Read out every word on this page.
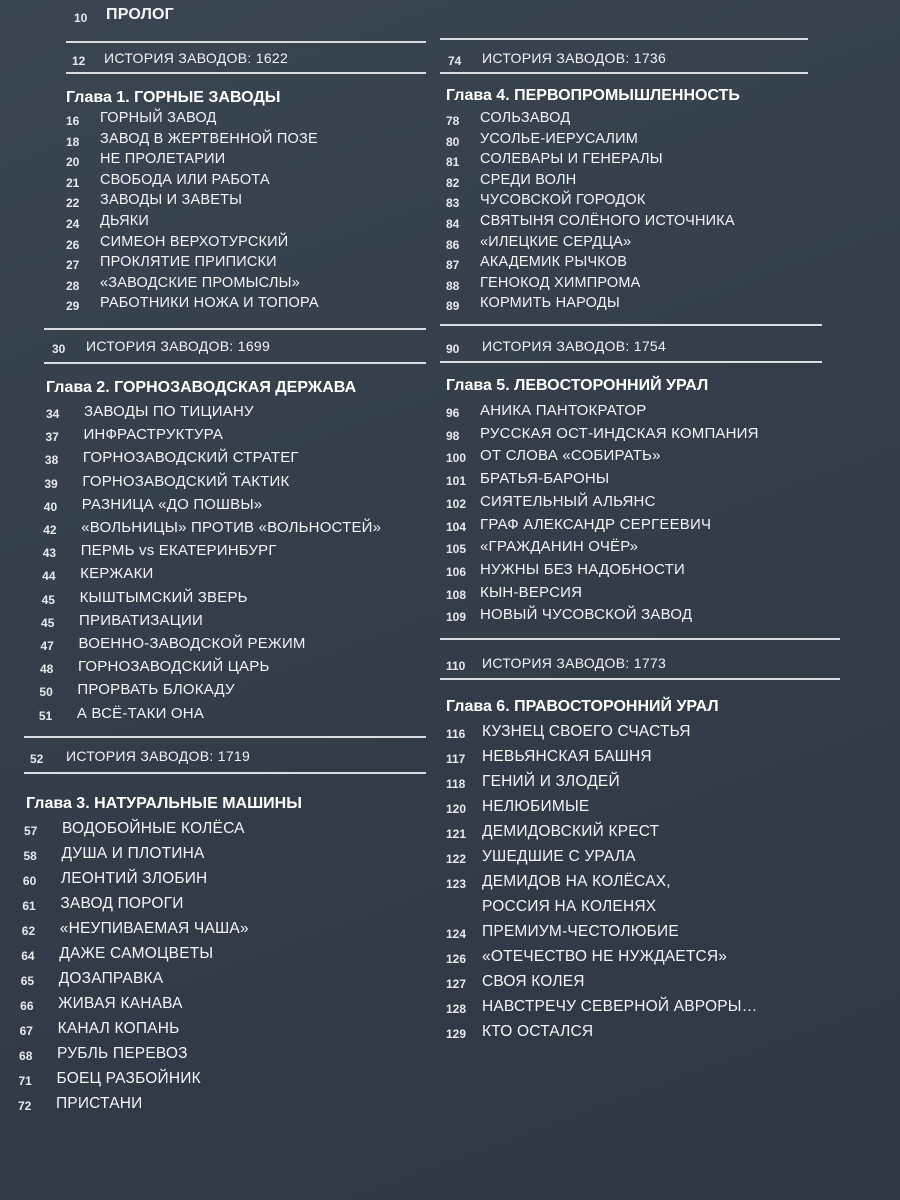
10 ПРОЛОГ
12 ИСТОРИЯ ЗАВОДОВ: 1622
Глава 1. ГОРНЫЕ ЗАВОДЫ
16 ГОРНЫЙ ЗАВОД
18 ЗАВОД В ЖЕРТВЕННОЙ ПОЗЕ
20 НЕ ПРОЛЕТАРИИ
21 СВОБОДА ИЛИ РАБОТА
22 ЗАВОДЫ И ЗАВЕТЫ
24 ДЬЯКИ
26 СИМЕОН ВЕРХОТУРСКИЙ
27 ПРОКЛЯТИЕ ПРИПИСКИ
28 «ЗАВОДСКИЕ ПРОМЫСЛЫ»
29 РАБОТНИКИ НОЖА И ТОПОРА
30 ИСТОРИЯ ЗАВОДОВ: 1699
Глава 2. ГОРНОЗАВОДСКАЯ ДЕРЖАВА
34 ЗАВОДЫ ПО ТИЦИАНУ
37 ИНФРАСТРУКТУРА
38 ГОРНОЗАВОДСКИЙ СТРАТЕГ
39 ГОРНОЗАВОДСКИЙ ТАКТИК
40 РАЗНИЦА «ДО ПОШВЫ»
42 «ВОЛЬНИЦЫ» ПРОТИВ «ВОЛЬНОСТЕЙ»
43 ПЕРМЬ vs ЕКАТЕРИНБУРГ
44 КЕРЖАКИ
45 КЫШТЫМСКИЙ ЗВЕРЬ
45 ПРИВАТИЗАЦИИ
47 ВОЕННО-ЗАВОДСКОЙ РЕЖИМ
48 ГОРНОЗАВОДСКИЙ ЦАРЬ
50 ПРОРВАТЬ БЛОКАДУ
51 А ВСЁ-ТАКИ ОНА
52 ИСТОРИЯ ЗАВОДОВ: 1719
Глава 3. НАТУРАЛЬНЫЕ МАШИНЫ
57 ВОДОБОЙНЫЕ КОЛЁСА
58 ДУША И ПЛОТИНА
60 ЛЕОНТИЙ ЗЛОБИН
61 ЗАВОД ПОРОГИ
62 «НЕУПИВАЕМАЯ ЧАША»
64 ДАЖЕ САМОЦВЕТЫ
65 ДОЗАПРАВКА
66 ЖИВАЯ КАНАВА
67 КАНАЛ КОПАНЬ
68 РУБЛЬ ПЕРЕВОЗ
71 БОЕЦ РАЗБОЙНИК
72 ПРИСТАНИ
74 ИСТОРИЯ ЗАВОДОВ: 1736
Глава 4. ПЕРВОПРОМЫШЛЕННОСТЬ
78 СОЛЬЗАВОД
80 УСОЛЬЕ-ИЕРУСАЛИМ
81 СОЛЕВАРЫ И ГЕНЕРАЛЫ
82 СРЕДИ ВОЛН
83 ЧУСОВСКОЙ ГОРОДОК
84 СВЯТЫНЯ СОЛЁНОГО ИСТОЧНИКА
86 «ИЛЕЦКИЕ СЕРДЦА»
87 АКАДЕМИК РЫЧКОВ
88 ГЕНОКОД ХИМПРОМА
89 КОРМИТЬ НАРОДЫ
90 ИСТОРИЯ ЗАВОДОВ: 1754
Глава 5. ЛЕВОСТОРОННИЙ УРАЛ
96 АНИКА ПАНТОКРАТОР
98 РУССКАЯ ОСТ-ИНДСКАЯ КОМПАНИЯ
100 ОТ СЛОВА «СОБИРАТЬ»
101 БРАТЬЯ-БАРОНЫ
102 СИЯТЕЛЬНЫЙ АЛЬЯНС
104 ГРАФ АЛЕКСАНДР СЕРГЕЕВИЧ
105 «ГРАЖДАНИН ОЧЁР»
106 НУЖНЫ БЕЗ НАДОБНОСТИ
108 КЫН-ВЕРСИЯ
109 НОВЫЙ ЧУСОВСКОЙ ЗАВОД
110 ИСТОРИЯ ЗАВОДОВ: 1773
Глава 6. ПРАВОСТОРОННИЙ УРАЛ
116 КУЗНЕЦ СВОЕГО СЧАСТЬЯ
117 НЕВЬЯНСКАЯ БАШНЯ
118 ГЕНИЙ И ЗЛОДЕЙ
120 НЕЛЮБИМЫЕ
121 ДЕМИДОВСКИЙ КРЕСТ
122 УШЕДШИЕ С УРАЛА
123 ДЕМИДОВ НА КОЛЁСАХ,
РОССИЯ НА КОЛЕНЯХ
124 ПРЕМИУМ-ЧЕСТОЛЮБИЕ
126 «ОТЕЧЕСТВО НЕ НУЖДАЕТСЯ»
127 СВОЯ КОЛЕЯ
128 НАВСТРЕЧУ СЕВЕРНОЙ АВРОРЫ…
129 КТО ОСТАЛСЯ
